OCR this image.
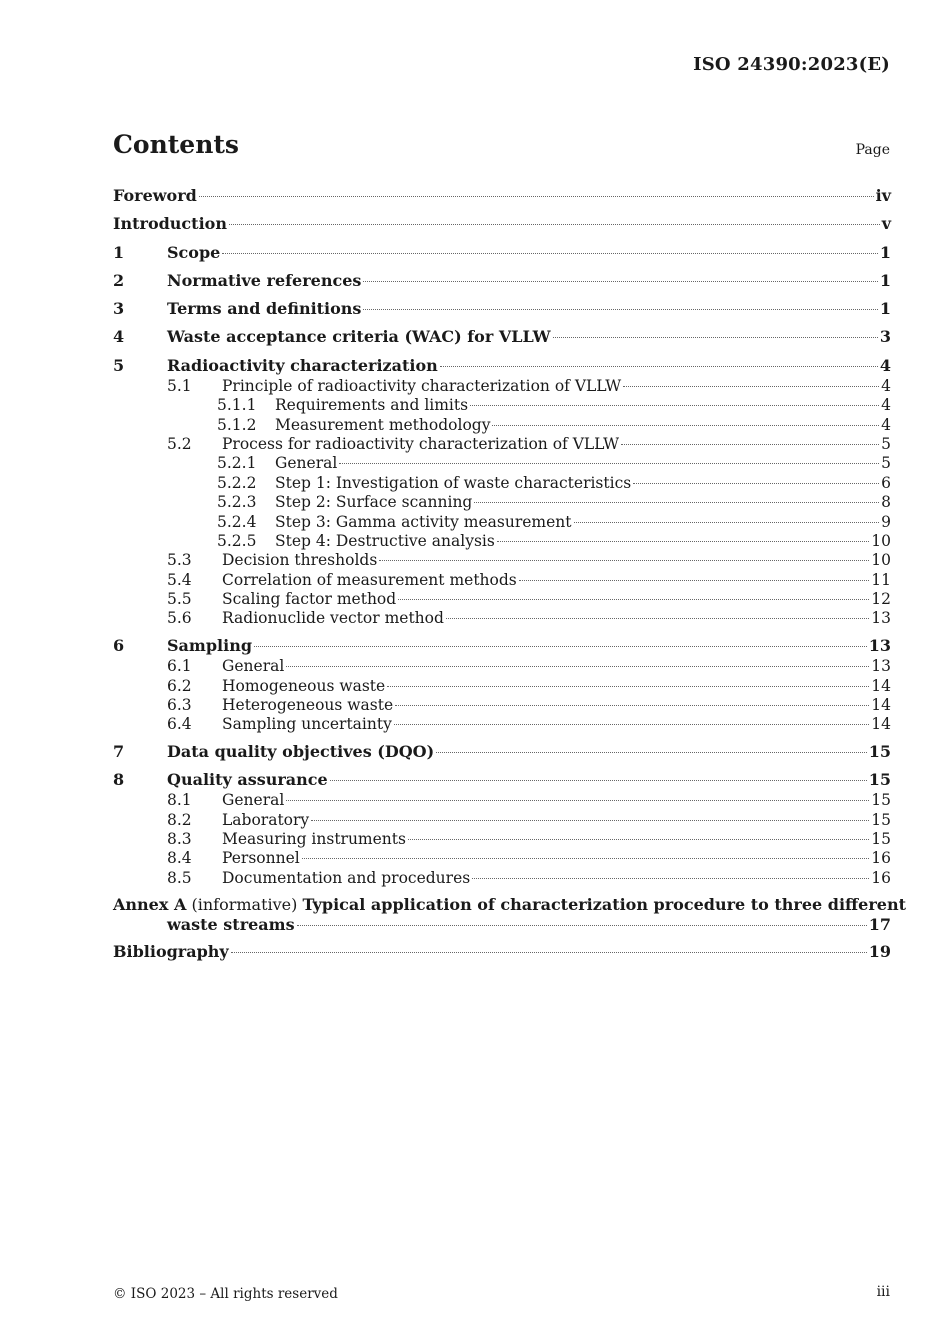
ISO 24390:2023(E)
Contents	Page
Foreword	iv
Introduction	v
1	Scope	1
2	Normative references	1
3	Terms and definitions	1
4	Waste acceptance criteria (WAC) for VLLW	3
5	Radioactivity characterization	4
5.1	Principle of radioactivity characterization of VLLW	4
5.1.1	Requirements and limits	4
5.1.2	Measurement methodology	4
5.2	Process for radioactivity characterization of VLLW	5
5.2.1	General	5
5.2.2	Step 1: Investigation of waste characteristics	6
5.2.3	Step 2: Surface scanning	8
5.2.4	Step 3: Gamma activity measurement	9
5.2.5	Step 4: Destructive analysis	10
5.3	Decision thresholds	10
5.4	Correlation of measurement methods	11
5.5	Scaling factor method	12
5.6	Radionuclide vector method	13
6	Sampling	13
6.1	General	13
6.2	Homogeneous waste	14
6.3	Heterogeneous waste	14
6.4	Sampling uncertainty	14
7	Data quality objectives (DQO)	15
8	Quality assurance	15
8.1	General	15
8.2	Laboratory	15
8.3	Measuring instruments	15
8.4	Personnel	16
8.5	Documentation and procedures	16
Annex A (informative) Typical application of characterization procedure to three different
waste streams	17
Bibliography	19
© ISO 2023 – All rights reserved	iii
